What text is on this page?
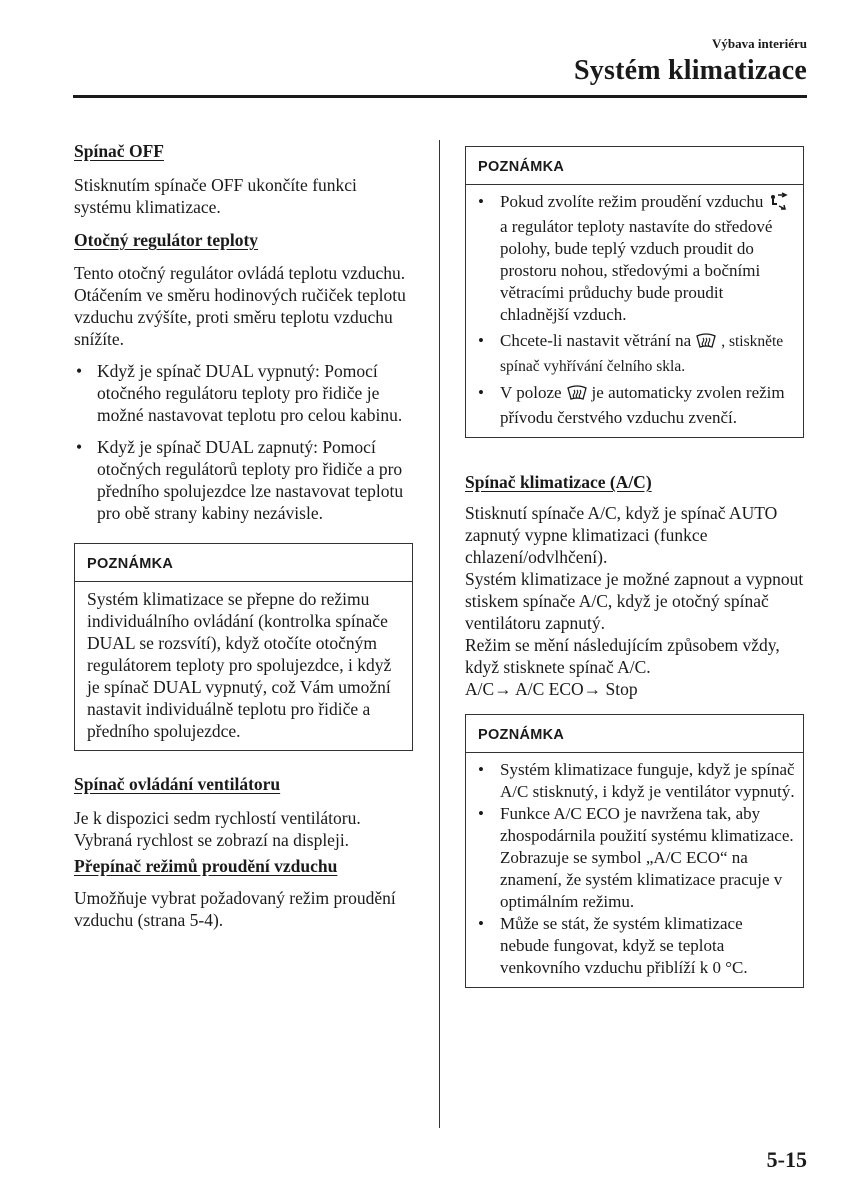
Výbava interiéru
Systém klimatizace

Spínač OFF

Stisknutím spínače OFF ukončíte funkci systému klimatizace.

Otočný regulátor teploty

Tento otočný regulátor ovládá teplotu vzduchu. Otáčením ve směru hodinových ručiček teplotu vzduchu zvýšíte, proti směru teplotu vzduchu snížíte.

• Když je spínač DUAL vypnutý: Pomocí otočného regulátoru teploty pro řidiče je možné nastavovat teplotu pro celou kabinu.
• Když je spínač DUAL zapnutý: Pomocí otočných regulátorů teploty pro řidiče a pro předního spolujezdce lze nastavovat teplotu pro obě strany kabiny nezávisle.
POZNÁMKA
Systém klimatizace se přepne do režimu individuálního ovládání (kontrolka spínače DUAL se rozsvítí), když otočíte otočným regulátorem teploty pro spolujezdce, i když je spínač DUAL vypnutý, což Vám umožní nastavit individuálně teplotu pro řidiče a předního spolujezdce.

Spínač ovládání ventilátoru

Je k dispozici sedm rychlostí ventilátoru. Vybraná rychlost se zobrazí na displeji.

Přepínač režimů proudění vzduchu

Umožňuje vybrat požadovaný režim proudění vzduchu (strana 5-4).

POZNÁMKA
• Pokud zvolíte režim proudění vzduchua regulátor teploty nastavíte do středové polohy, bude teplý vzduch proudit do prostoru nohou, středovými a bočními větracími průduchy bude proudit chladnější vzduch.
• Chcete-li nastavit větrání na , stiskněte spínač vyhřívání čelního skla.
• V poloze je automaticky zvolen režim přívodu čerstvého vzduchu zvenčí.

Spínač klimatizace (A/C)

Stisknutí spínače A/C, když je spínač AUTO zapnutý vypne klimatizaci (funkce chlazení/odvlhčení).

Systém klimatizace je možné zapnout a vypnout stiskem spínače A/C, když je otočný spínač ventilátoru zapnutý.

Režim se mění následujícím způsobem vždy, když stisknete spínač A/C.

A/C→ A/C ECO→ Stop

POZNÁMKA
• Systém klimatizace funguje, když je spínač A/C stisknutý, i když je ventilátor vypnutý.
• Funkce A/C ECO je navržena tak, aby zhospodárnila použití systému klimatizace. Zobrazuje se symbol „A/C ECO“ na znamení, že systém klimatizace pracuje v optimálním režimu.
• Může se stát, že systém klimatizace nebude fungovat, když se teplota venkovního vzduchu přiblíží k 0 °C.
5-15
